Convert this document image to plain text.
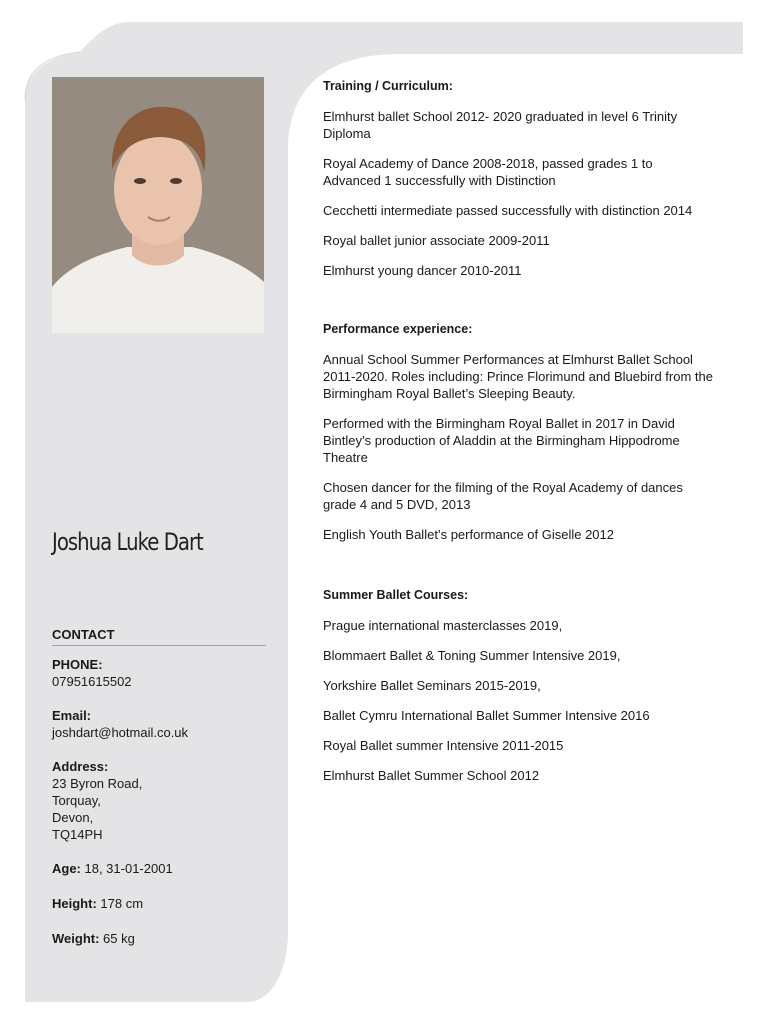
Joshua Luke Dart
CONTACT
PHONE:
07951615502
Email:
joshdart@hotmail.co.uk
Address:
23 Byron Road,
Torquay,
Devon,
TQ14PH
Age: 18, 31-01-2001
Height: 178 cm
Weight: 65 kg
Training / Curriculum:
Elmhurst ballet School 2012- 2020 graduated in level 6 Trinity Diploma
Royal Academy of Dance 2008-2018, passed grades 1 to Advanced 1 successfully with Distinction
Cecchetti intermediate passed successfully with distinction 2014
Royal ballet junior associate 2009-2011
Elmhurst young dancer 2010-2011
Performance experience:
Annual School Summer Performances at Elmhurst Ballet School 2011-2020. Roles including: Prince Florimund and Bluebird from the Birmingham Royal Ballet’s Sleeping Beauty.
Performed with the Birmingham Royal Ballet in 2017 in David Bintley’s production of Aladdin at the Birmingham Hippodrome Theatre
Chosen dancer for the filming of the Royal Academy of dances grade 4 and 5 DVD, 2013
English Youth Ballet’s performance of Giselle 2012
Summer Ballet Courses:
Prague international masterclasses 2019,
Blommaert Ballet & Toning Summer Intensive 2019,
Yorkshire Ballet Seminars 2015-2019,
Ballet Cymru International Ballet Summer Intensive 2016
Royal Ballet summer Intensive 2011-2015
Elmhurst Ballet Summer School 2012
